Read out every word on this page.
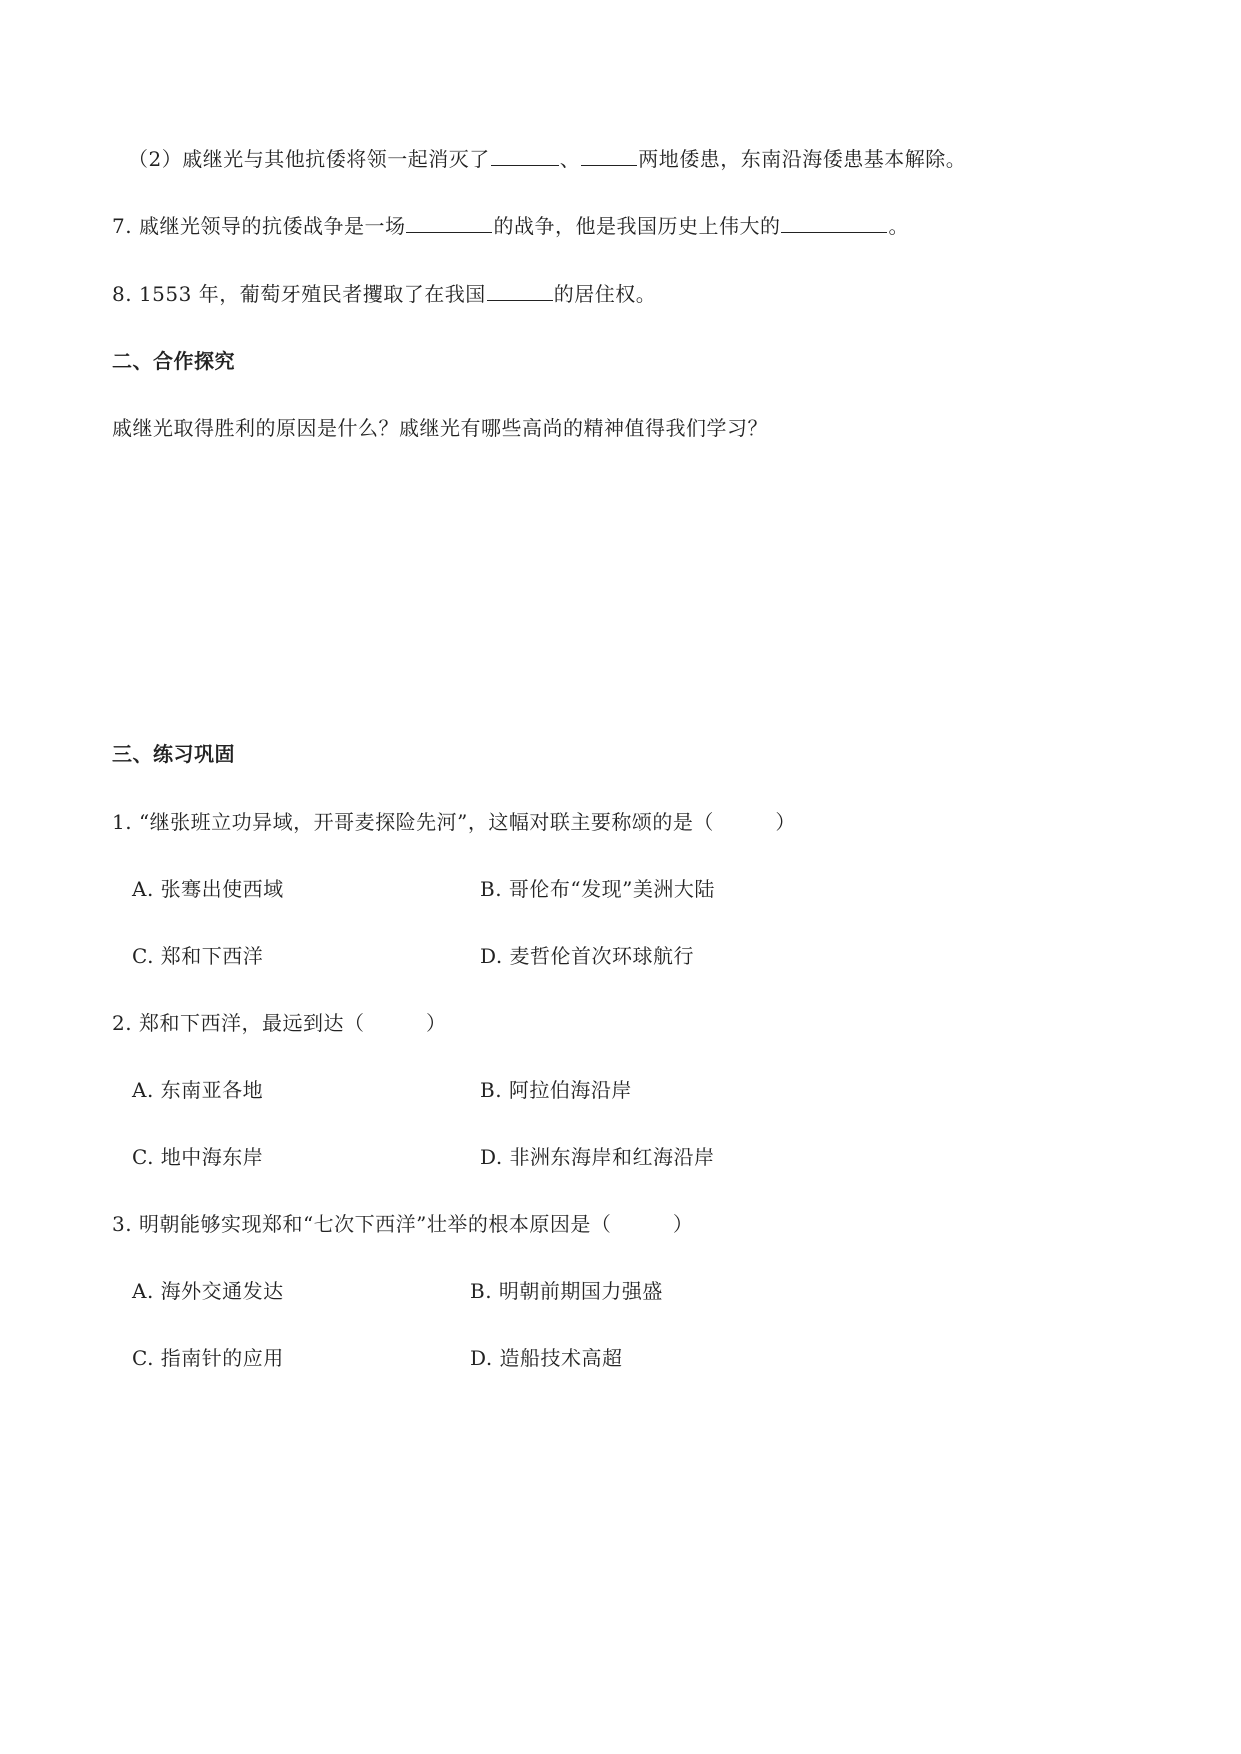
（2）戚继光与其他抗倭将领一起消灭了	、	两地倭患，东南沿海倭患基本解除。
7. 戚继光领导的抗倭战争是一场	的战争，他是我国历史上伟大的	。
8. 1553 年，葡萄牙殖民者攫取了在我国	的居住权。
二、合作探究
戚继光取得胜利的原因是什么？戚继光有哪些高尚的精神值得我们学习？
三、练习巩固
1. “继张班立功异域，开哥麦探险先河”，这幅对联主要称颂的是（　　　）
A. 张骞出使西域	B. 哥伦布“发现”美洲大陆
C. 郑和下西洋	D. 麦哲伦首次环球航行
2. 郑和下西洋，最远到达（　　　）
A. 东南亚各地	B. 阿拉伯海沿岸
C. 地中海东岸	D. 非洲东海岸和红海沿岸
3. 明朝能够实现郑和“七次下西洋”壮举的根本原因是（　　　）
A. 海外交通发达	B. 明朝前期国力强盛
C. 指南针的应用	D. 造船技术高超
